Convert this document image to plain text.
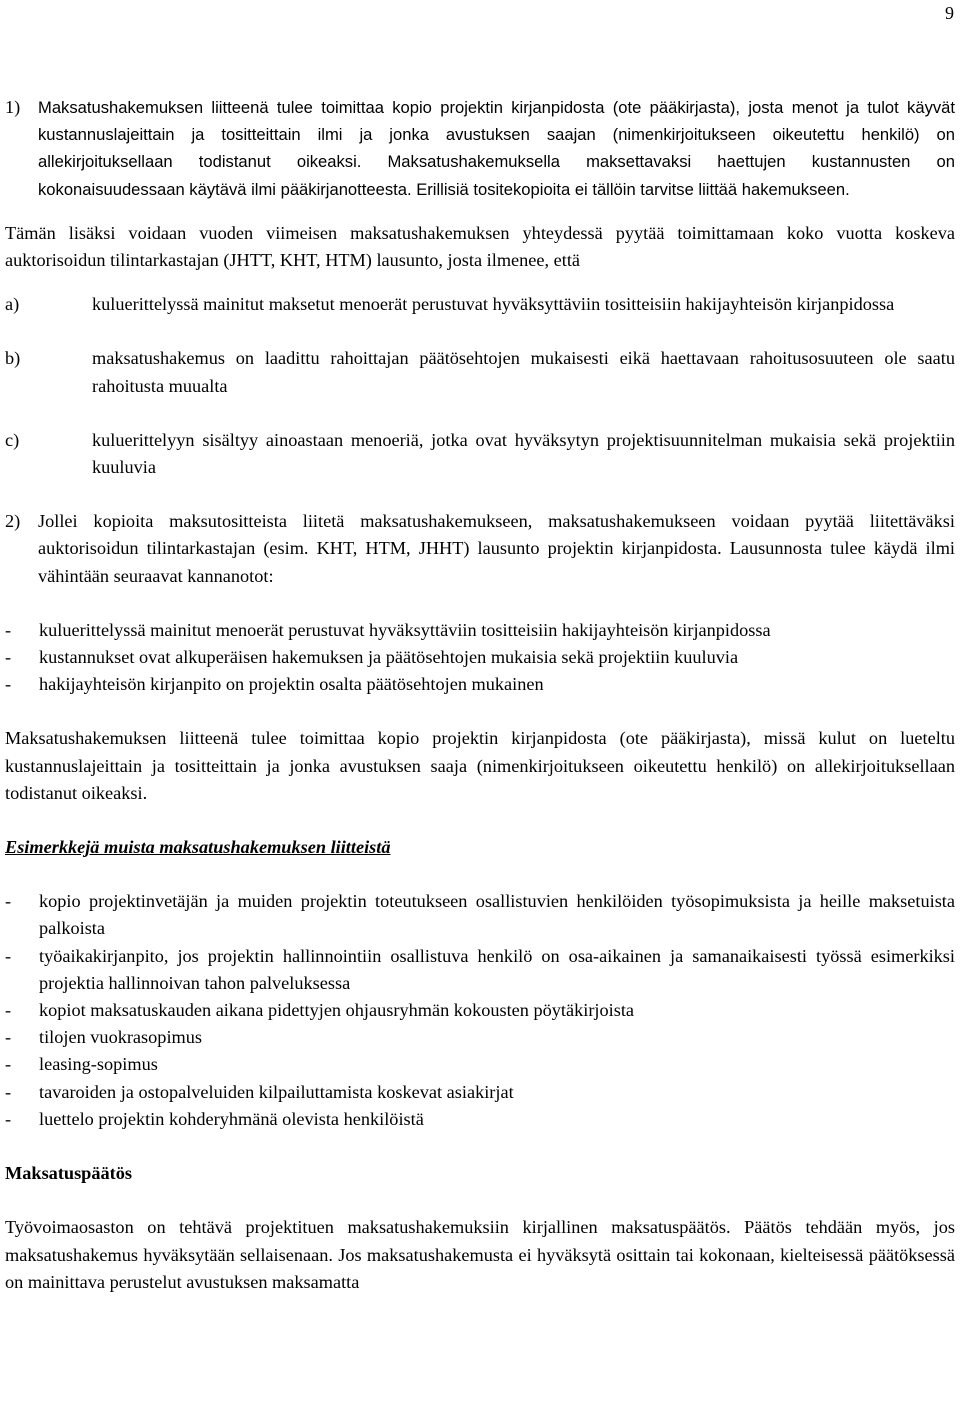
9
1)	Maksatushakemuksen liitteenä tulee toimittaa kopio projektin kirjanpidosta (ote pääkirjasta), josta menot ja tulot käyvät kustannuslajeittain ja tositteittain ilmi ja jonka avustuksen saajan (nimenkirjoitukseen oikeutettu henkilö) on allekirjoituksellaan todistanut oikeaksi. Maksatushakemuksella maksettavaksi haettujen kustannusten on kokonaisuudessaan käytävä ilmi pääkirjanotteesta. Erillisiä tositekopioita ei tällöin tarvitse liittää hakemukseen.

Tämän lisäksi voidaan vuoden viimeisen maksatushakemuksen yhteydessä pyytää toimittamaan koko vuotta koskeva auktorisoidun tilintarkastajan (JHTT, KHT, HTM) lausunto, josta ilmenee, että

a)	kuluerittelyssä mainitut maksetut menoerät perustuvat hyväksyttäviin tositteisiin hakijayhteisön kirjanpidossa

b)	maksatushakemus on laadittu rahoittajan päätösehtojen mukaisesti eikä haettavaan rahoitusosuuteen ole saatu rahoitusta muualta

c)	kuluerittelyyn sisältyy ainoastaan menoeriä, jotka ovat hyväksytyn projektisuunnitelman mukaisia sekä projektiin kuuluvia

2) Jollei kopioita maksutositteista liitetä maksatushakemukseen, maksatushakemukseen voidaan pyytää liitettäväksi auktorisoidun tilintarkastajan (esim. KHT, HTM, JHHT) lausunto projektin kirjanpidosta. Lausunnosta tulee käydä ilmi vähintään seuraavat kannanotot:

-	kuluerittelyssä mainitut menoerät perustuvat hyväksyttäviin tositteisiin hakijayhteisön kirjanpidossa

-	kustannukset ovat alkuperäisen hakemuksen ja päätösehtojen mukaisia sekä projektiin kuuluvia

-	hakijayhteisön kirjanpito on projektin osalta päätösehtojen mukainen

Maksatushakemuksen liitteenä tulee toimittaa kopio projektin kirjanpidosta (ote pääkirjasta), missä kulut on lueteltu kustannuslajeittain ja tositteittain ja jonka avustuksen saaja (nimenkirjoitukseen oikeutettu henkilö) on allekirjoituksellaan todistanut oikeaksi.

Esimerkkejä muista maksatushakemuksen liitteistä

-	kopio projektinvetäjän ja muiden projektin toteutukseen osallistuvien henkilöiden työsopimuksista ja heille maksetuista palkoista

-	työaikakirjanpito, jos projektin hallinnointiin osallistuva henkilö on osa-aikainen ja samanaikaisesti työssä esimerkiksi projektia hallinnoivan tahon palveluksessa

-	kopiot maksatuskauden aikana pidettyjen ohjausryhmän kokousten pöytäkirjoista

-	tilojen vuokrasopimus

-	leasing-sopimus

-	tavaroiden ja ostopalveluiden kilpailuttamista koskevat asiakirjat

-	luettelo projektin kohderyhmänä olevista henkilöistä

Maksatuspäätös

Työvoimaosaston on tehtävä projektituen maksatushakemuksiin kirjallinen maksatuspäätös. Päätös tehdään myös, jos maksatushakemus hyväksytään sellaisenaan. Jos maksatushakemusta ei hyväksytä osittain tai kokonaan, kielteisessä päätöksessä on mainittava perustelut avustuksen maksamatta
